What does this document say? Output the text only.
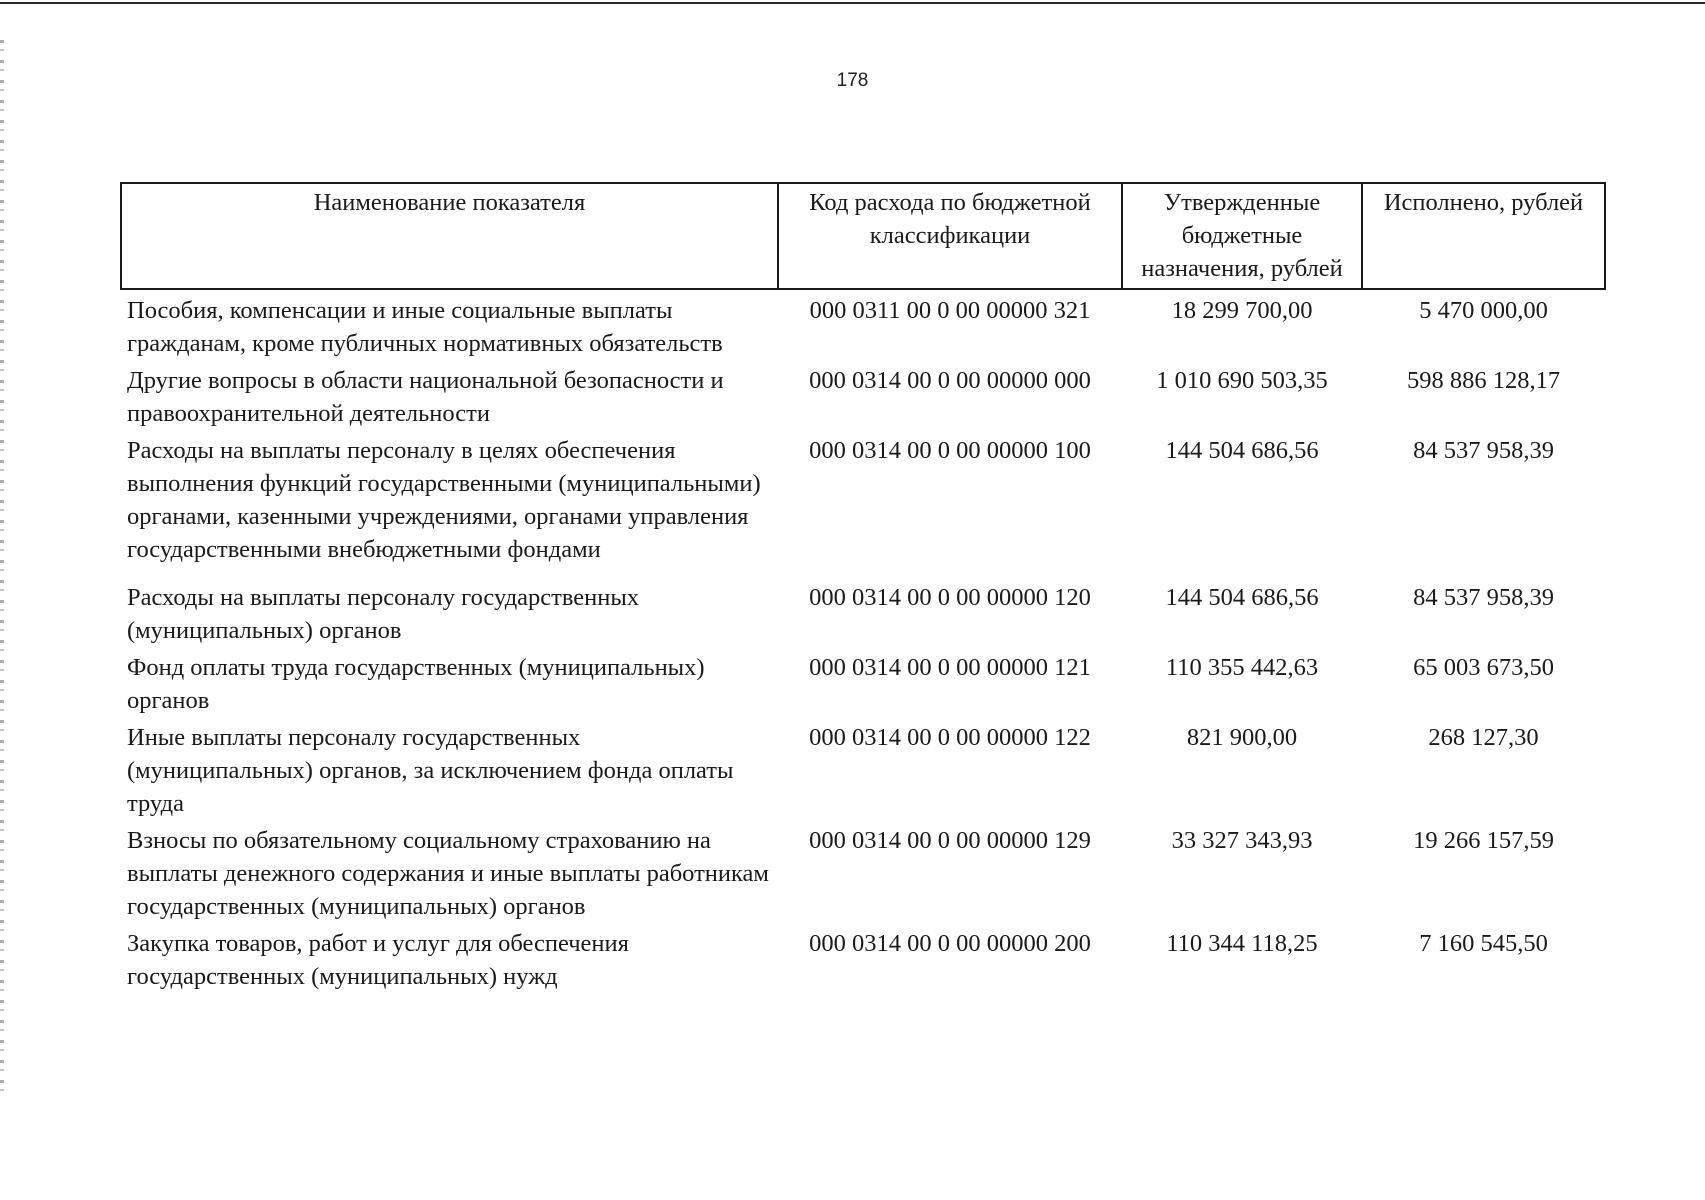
178
Наименование показателя	Код расхода по бюджетной классификации	Утвержденные бюджетные назначения, рублей	Исполнено, рублей
Пособия, компенсации и иные социальные выплаты гражданам, кроме публичных нормативных обязательств	000 0311 00 0 00 00000 321	18 299 700,00	5 470 000,00
Другие вопросы в области национальной безопасности и правоохранительной деятельности	000 0314 00 0 00 00000 000	1 010 690 503,35	598 886 128,17
Расходы на выплаты персоналу в целях обеспечения выполнения функций государственными (муниципальными) органами, казенными учреждениями, органами управления государственными внебюджетными фондами	000 0314 00 0 00 00000 100	144 504 686,56	84 537 958,39
Расходы на выплаты персоналу государственных (муниципальных) органов	000 0314 00 0 00 00000 120	144 504 686,56	84 537 958,39
Фонд оплаты труда государственных (муниципальных) органов	000 0314 00 0 00 00000 121	110 355 442,63	65 003 673,50
Иные выплаты персоналу государственных (муниципальных) органов, за исключением фонда оплаты труда	000 0314 00 0 00 00000 122	821 900,00	268 127,30
Взносы по обязательному социальному страхованию на выплаты денежного содержания и иные выплаты работникам государственных (муниципальных) органов	000 0314 00 0 00 00000 129	33 327 343,93	19 266 157,59
Закупка товаров, работ и услуг для обеспечения государственных (муниципальных) нужд	000 0314 00 0 00 00000 200	110 344 118,25	7 160 545,50
